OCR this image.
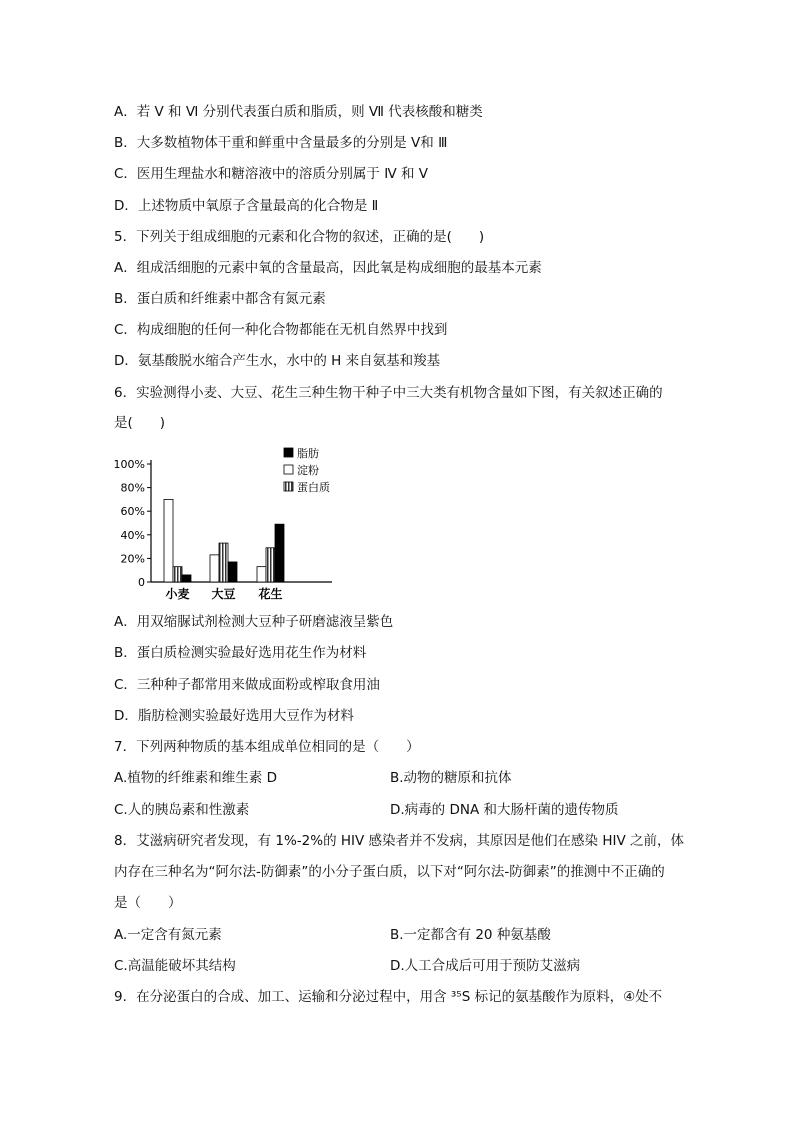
A．若 Ⅴ 和 Ⅵ 分别代表蛋白质和脂质，则 Ⅶ 代表核酸和糖类
B．大多数植物体干重和鲜重中含量最多的分别是 Ⅴ和 Ⅲ
C．医用生理盐水和糖溶液中的溶质分别属于 Ⅳ 和 Ⅴ
D．上述物质中氧原子含量最高的化合物是 Ⅱ
5．下列关于组成细胞的元素和化合物的叙述，正确的是(　　)
A．组成活细胞的元素中氧的含量最高，因此氧是构成细胞的最基本元素
B．蛋白质和纤维素中都含有氮元素
C．构成细胞的任何一种化合物都能在无机自然界中找到
D．氨基酸脱水缩合产生水，水中的 H 来自氨基和羧基
6．实验测得小麦、大豆、花生三种生物干种子中三大类有机物含量如下图，有关叙述正确的
是(　　)
0
20%
40%
60%
80%
100%
小麦 大豆 花生
脂肪
淀粉
蛋白质
A．用双缩脲试剂检测大豆种子研磨滤液呈紫色
B．蛋白质检测实验最好选用花生作为材料
C．三种种子都常用来做成面粉或榨取食用油
D．脂肪检测实验最好选用大豆作为材料
7．下列两种物质的基本组成单位相同的是（　　）
A.植物的纤维素和维生素 D	B.动物的糖原和抗体
C.人的胰岛素和性激素	D.病毒的 DNA 和大肠杆菌的遗传物质
8．艾滋病研究者发现，有 1%-2%的 HIV 感染者并不发病，其原因是他们在感染 HIV 之前，体
内存在三种名为“阿尔法-防御素”的小分子蛋白质，以下对“阿尔法-防御素”的推测中不正确的
是（　　）
A.一定含有氮元素	B.一定都含有 20 种氨基酸
C.高温能破坏其结构	D.人工合成后可用于预防艾滋病
9．在分泌蛋白的合成、加工、运输和分泌过程中，用含 ³⁵S 标记的氨基酸作为原料，④处不
